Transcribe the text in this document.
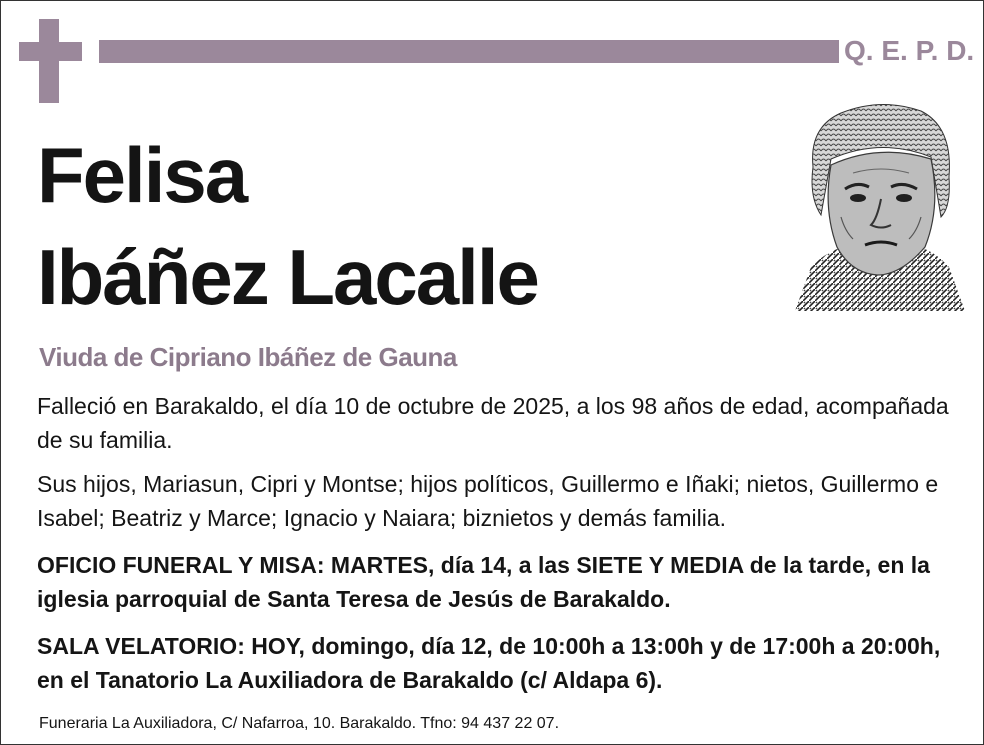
Q. E. P. D.
Felisa
Ibáñez Lacalle
Viuda de Cipriano Ibáñez de Gauna
Falleció en Barakaldo, el día 10 de octubre de 2025, a los 98 años de edad, acompañada de su familia.
Sus hijos, Mariasun, Cipri y Montse; hijos políticos, Guillermo e Iñaki; nietos, Guillermo e Isabel; Beatriz y Marce; Ignacio y Naiara; biznietos y demás familia.
OFICIO FUNERAL Y MISA: MARTES, día 14, a las SIETE Y MEDIA de la tarde, en la iglesia parroquial de Santa Teresa de Jesús de Barakaldo.
SALA VELATORIO: HOY, domingo, día 12, de 10:00h a 13:00h y de 17:00h a 20:00h, en el Tanatorio La Auxiliadora de Barakaldo (c/ Aldapa 6).
Funeraria La Auxiliadora, C/ Nafarroa, 10. Barakaldo. Tfno: 94 437 22 07.
